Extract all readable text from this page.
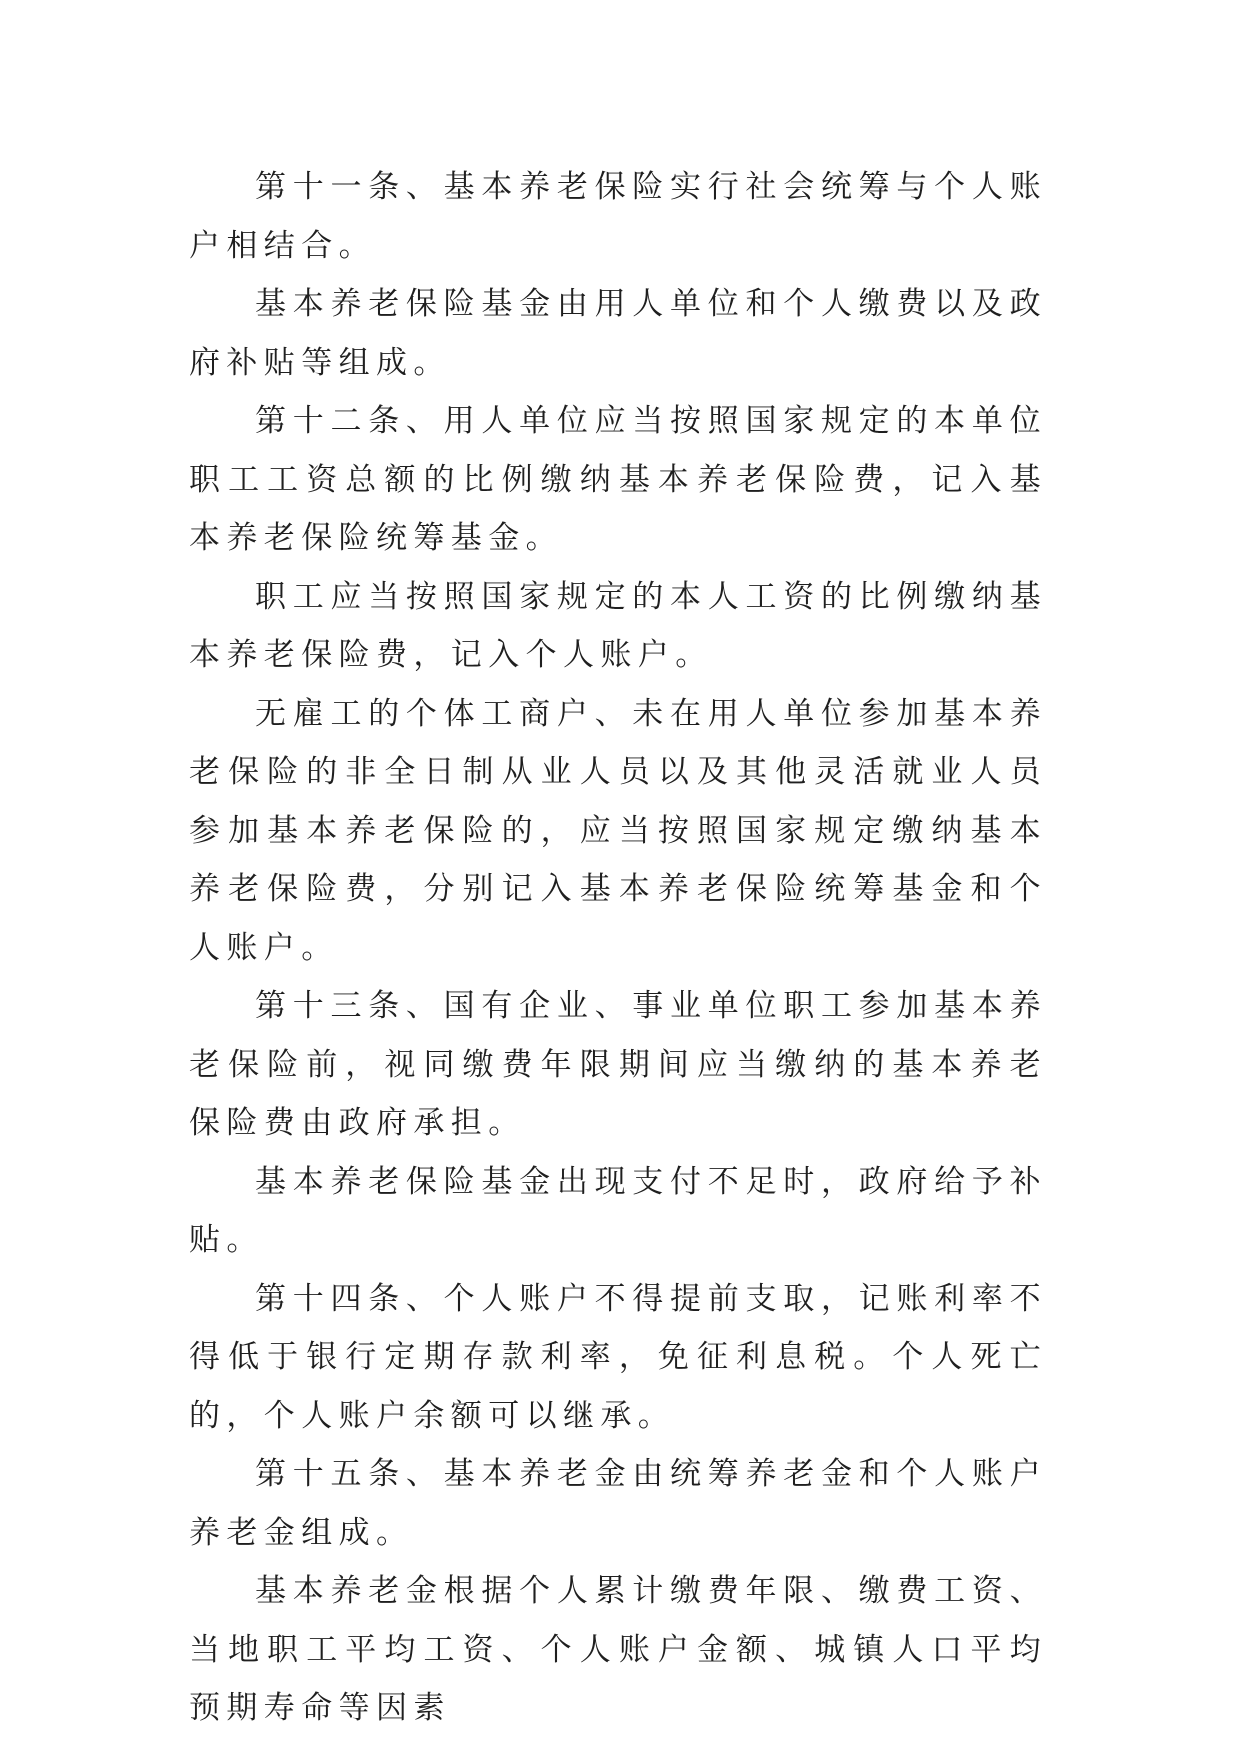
第十一条、基本养老保险实行社会统筹与个人账户相结合。

基本养老保险基金由用人单位和个人缴费以及政府补贴等组成。

第十二条、用人单位应当按照国家规定的本单位职工工资总额的比例缴纳基本养老保险费，记入基本养老保险统筹基金。

职工应当按照国家规定的本人工资的比例缴纳基本养老保险费，记入个人账户。

无雇工的个体工商户、未在用人单位参加基本养老保险的非全日制从业人员以及其他灵活就业人员参加基本养老保险的，应当按照国家规定缴纳基本养老保险费，分别记入基本养老保险统筹基金和个人账户。

第十三条、国有企业、事业单位职工参加基本养老保险前，视同缴费年限期间应当缴纳的基本养老保险费由政府承担。

基本养老保险基金出现支付不足时，政府给予补贴。

第十四条、个人账户不得提前支取，记账利率不得低于银行定期存款利率，免征利息税。个人死亡的，个人账户余额可以继承。

第十五条、基本养老金由统筹养老金和个人账户养老金组成。

基本养老金根据个人累计缴费年限、缴费工资、当地职工平均工资、个人账户金额、城镇人口平均预期寿命等因素
